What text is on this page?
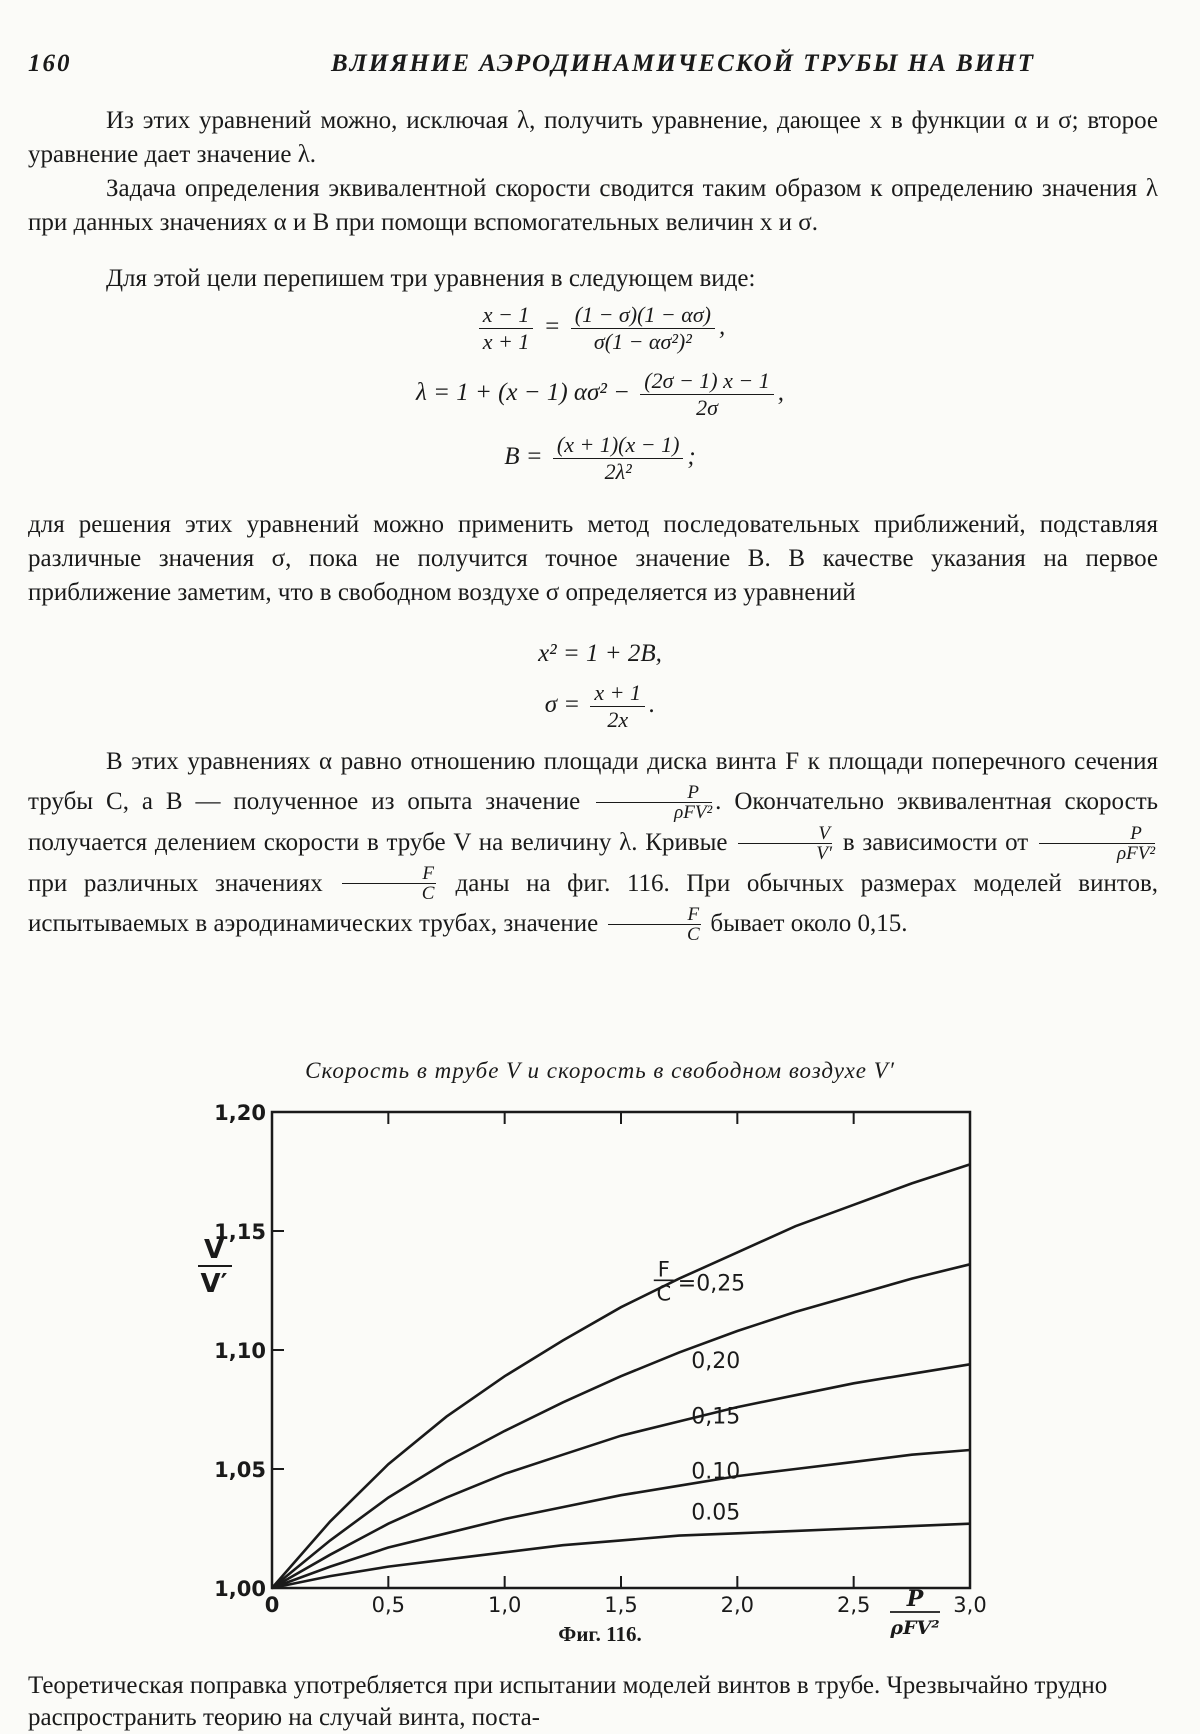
160	ВЛИЯНИЕ АЭРОДИНАМИЧЕСКОЙ ТРУБЫ НА ВИНТ
Из этих уравнений можно, исключая λ, получить уравнение, дающее x в функции α и σ; второе уравнение дает значение λ.
Задача определения эквивалентной скорости сводится таким образом к определению значения λ при данных значениях α и B при помощи вспомогательных величин x и σ.
Для этой цели перепишем три уравнения в следующем виде:
$\frac{x - 1}{x + 1} = \frac{(1 - \sigma)(1 - \alpha\sigma)}{\text{σ(1 − ασ²)²}}$ ,
λ = 1 + (x − 1) $\alpha\sigma^2 - \frac{(2\sigma - 1) x - 1}{2\sigma}$ ,
$B = \frac{(x + 1)(x - 1)}{\text{2λ²}}$ ;
для решения этих уравнений можно применить метод последовательных приближений, подставляя различные значения σ, пока не получится точное значение B. В качестве указания на первое приближение заметим, что в свободном воздухе σ определяется из уравнений
x² = 1 + 2B,
$\sigma = \frac{x + 1}{2x}$ .
В этих уравнениях α равно отношению площади диска винта F к площади поперечного сечения трубы C, а B — полученное из опыта значение	P
ρFV² . Окончательно эквивалентная скорость получается делением скорости в трубе V на величину λ. Кривые $\frac{V}{V'}$ в зависимости от	P
ρFV²
при различных значениях $\frac{F}{C}$ даны на фиг. 116. При обычных размерах моделей винтов, испытываемых в аэродинамических трубах, значение $\frac{F}{C}$ бывает около 0,15.
Скорость в трубе V и скорость в свободном воздухе V′
0	0,5	1,0	1,5	2,0	2,5	3,0
1,00
1,05
1,10
1,15
1,20
V
V′
P
ρFV²
F
C =0,25
0,20
0,15
0.10
0.05
Фиг. 116.
Теоретическая поправка употребляется при испытании моделей винтов в трубе. Чрезвычайно трудно распространить теорию на случай винта, поста-
